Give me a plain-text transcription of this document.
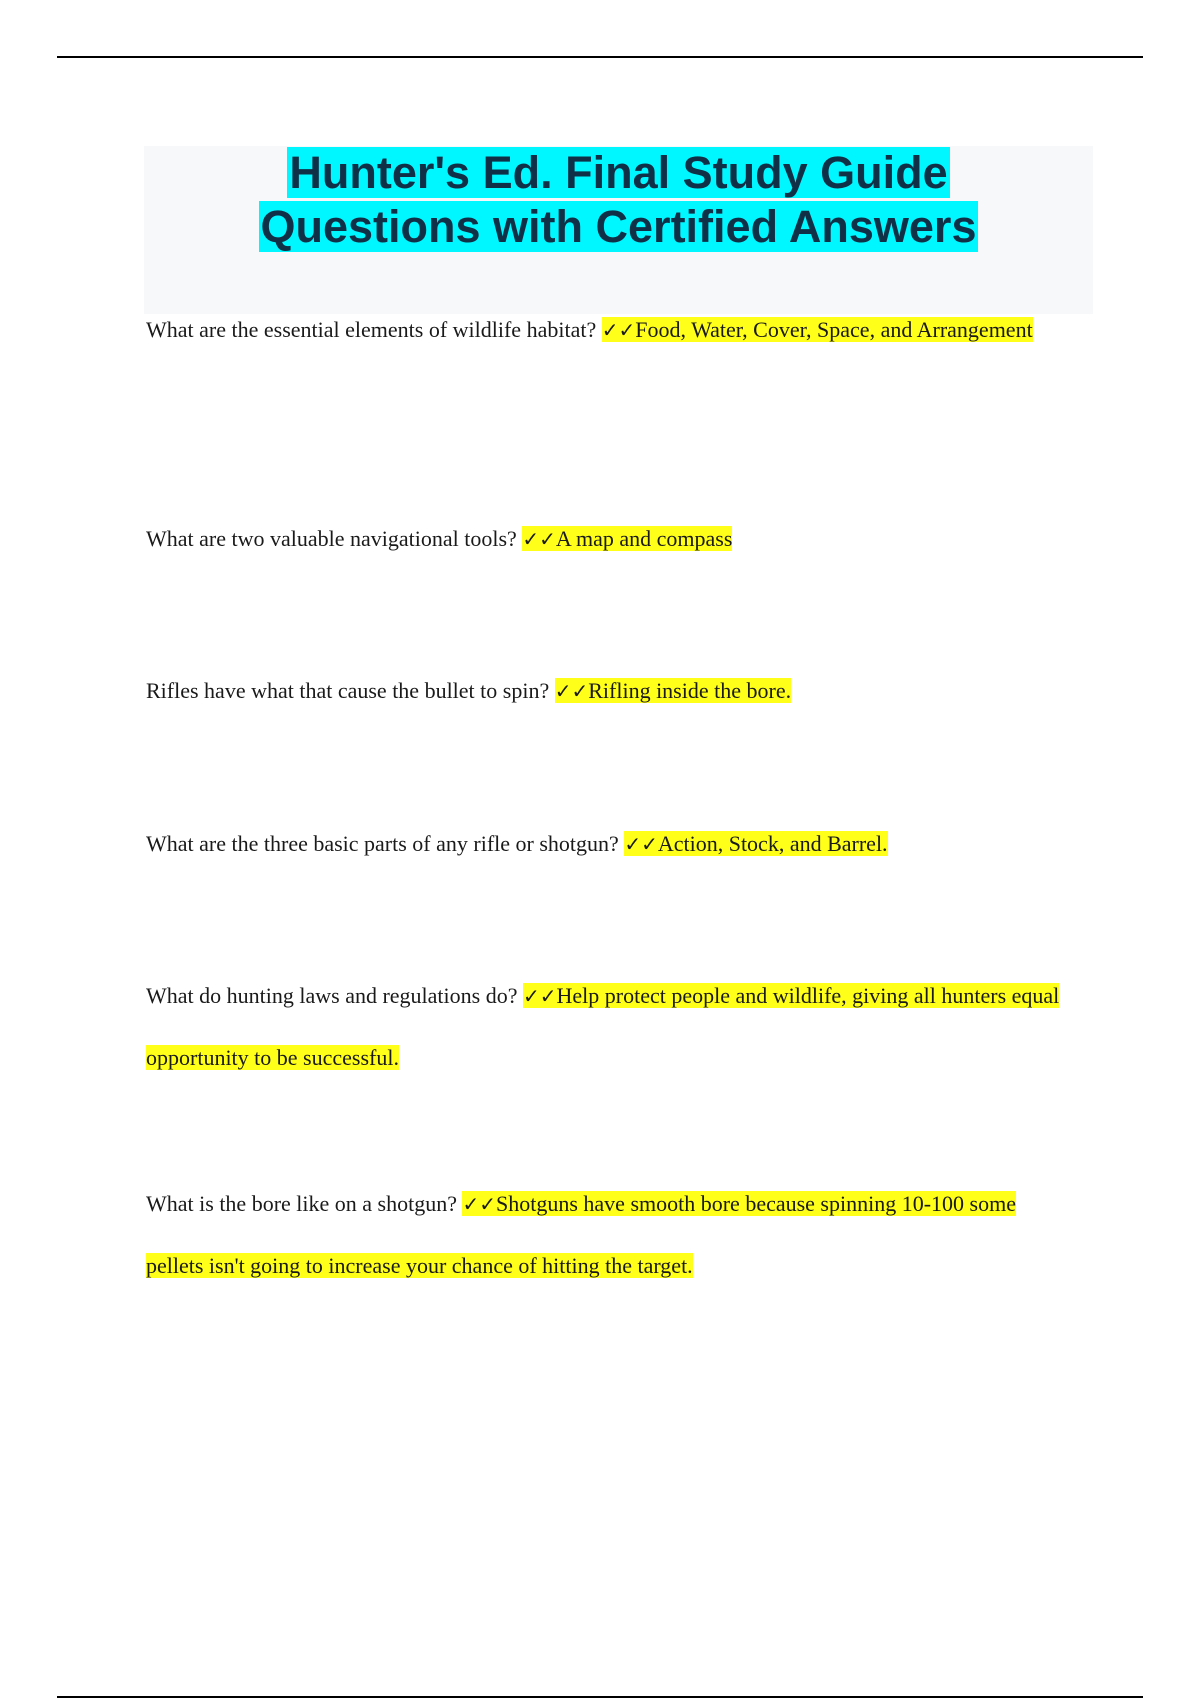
Hunter's Ed. Final Study Guide
Questions with Certified Answers

What are the essential elements of wildlife habitat? ✓✓Food, Water, Cover, Space, and Arrangement

What are two valuable navigational tools? ✓✓A map and compass

Rifles have what that cause the bullet to spin? ✓✓Rifling inside the bore.

What are the three basic parts of any rifle or shotgun? ✓✓Action, Stock, and Barrel.

What do hunting laws and regulations do? ✓✓Help protect people and wildlife, giving all hunters equal opportunity to be successful.

What is the bore like on a shotgun? ✓✓Shotguns have smooth bore because spinning 10-100 some pellets isn't going to increase your chance of hitting the target.
